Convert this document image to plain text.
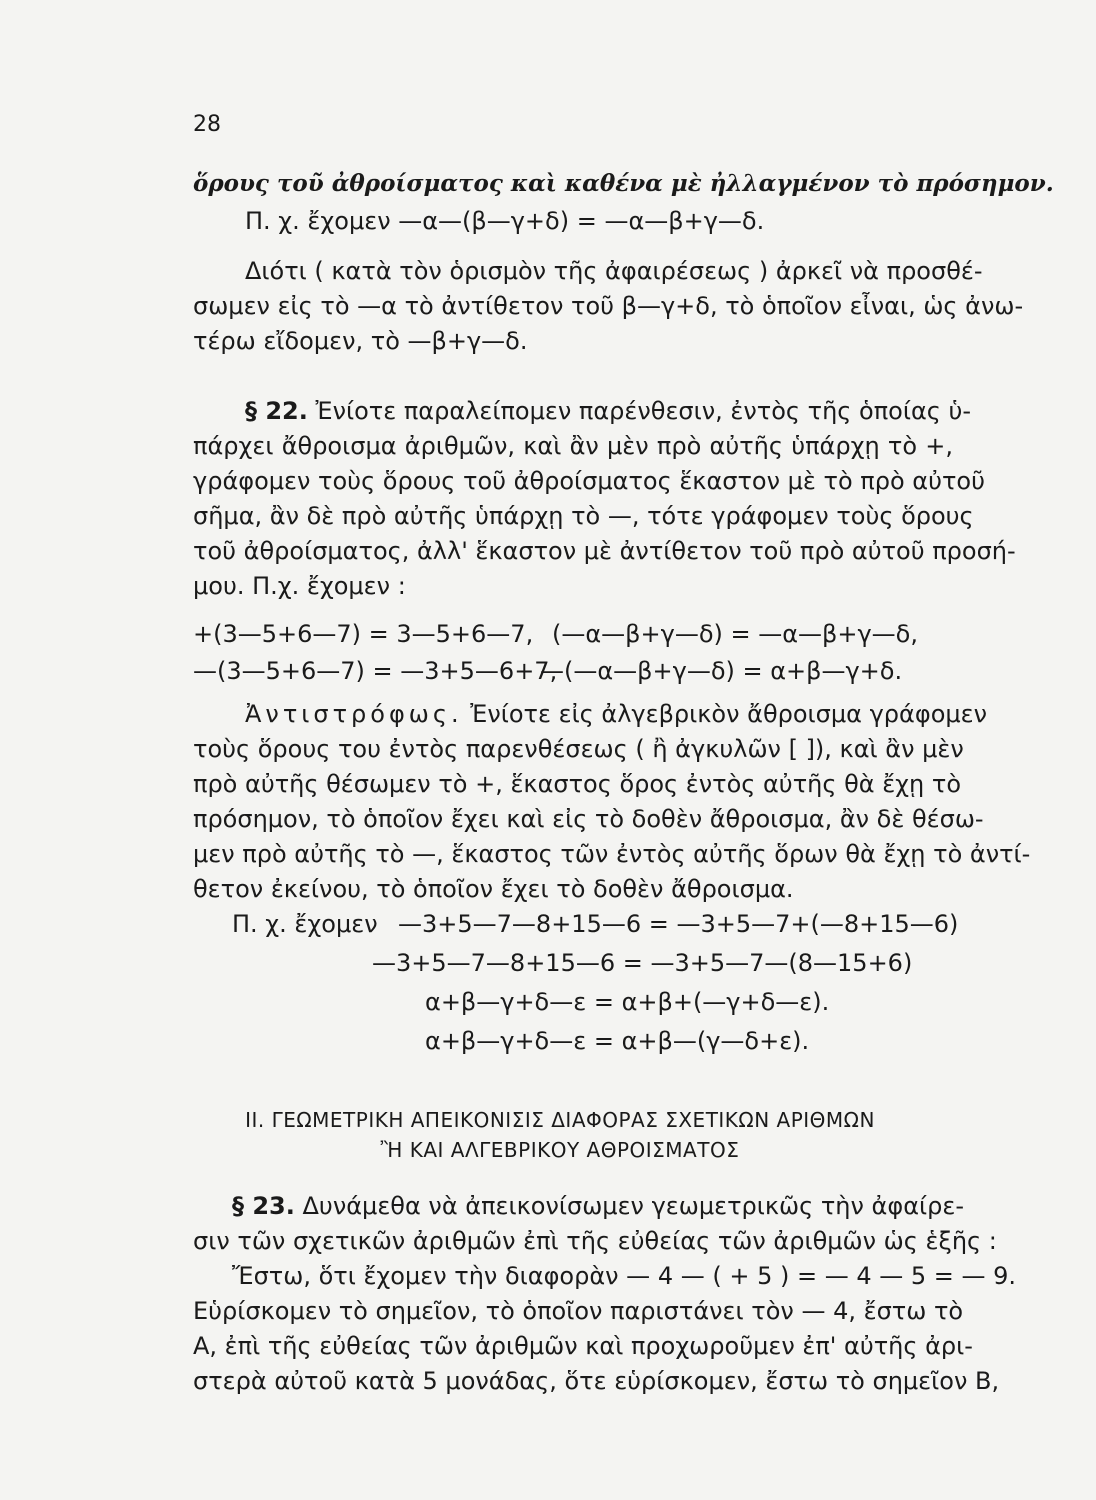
28
ὅρους τοῦ ἀθροίσματος καὶ καθένα μὲ ἠλλαγμένον τὸ πρόσημον.
Π. χ. ἔχομεν —α—(β—γ+δ) = —α—β+γ—δ.
Διότι ( κατὰ τὸν ὁρισμὸν τῆς ἀφαιρέσεως ) ἀρκεῖ νὰ προσθέ-
σωμεν εἰς τὸ —α τὸ ἀντίθετον τοῦ β—γ+δ, τὸ ὁποῖον εἶναι, ὡς ἀνω-
τέρω εἴδομεν, τὸ —β+γ—δ.
§ 22. Ἐνίοτε παραλείπομεν παρένθεσιν, ἐντὸς τῆς ὁποίας ὑ-
πάρχει ἄθροισμα ἀριθμῶν, καὶ ἂν μὲν πρὸ αὐτῆς ὑπάρχῃ τὸ +,
γράφομεν τοὺς ὅρους τοῦ ἀθροίσματος ἕκαστον μὲ τὸ πρὸ αὐτοῦ
σῆμα, ἂν δὲ πρὸ αὐτῆς ὑπάρχῃ τὸ —, τότε γράφομεν τοὺς ὅρους
τοῦ ἀθροίσματος, ἀλλ' ἕκαστον μὲ ἀντίθετον τοῦ πρὸ αὐτοῦ προσή-
μου. Π.χ. ἔχομεν :
+(3—5+6—7) = 3—5+6—7, (—α—β+γ—δ) = —α—β+γ—δ,
—(3—5+6—7) = —3+5—6+7,
—(—α—β+γ—δ) = α+β—γ+δ.
Ἀντιστρόφως. Ἐνίοτε εἰς ἀλγεβρικὸν ἄθροισμα γράφομεν
τοὺς ὅρους του ἐντὸς παρενθέσεως ( ἢ ἀγκυλῶν [ ]), καὶ ἂν μὲν
πρὸ αὐτῆς θέσωμεν τὸ +, ἕκαστος ὅρος ἐντὸς αὐτῆς θὰ ἔχῃ τὸ
πρόσημον, τὸ ὁποῖον ἔχει καὶ εἰς τὸ δοθὲν ἄθροισμα, ἂν δὲ θέσω-
μεν πρὸ αὐτῆς τὸ —, ἕκαστος τῶν ἐντὸς αὐτῆς ὅρων θὰ ἔχῃ τὸ ἀντί-
θετον ἐκείνου, τὸ ὁποῖον ἔχει τὸ δοθὲν ἄθροισμα.
Π. χ. ἔχομεν —3+5—7—8+15—6 = —3+5—7+(—8+15—6)
—3+5—7—8+15—6 = —3+5—7—(8—15+6)
α+β—γ+δ—ε = α+β+(—γ+δ—ε).
α+β—γ+δ—ε = α+β—(γ—δ+ε).
ΙΙ. ΓΕΩΜΕΤΡΙΚΗ ΑΠΕΙΚΟΝΙΣΙΣ ΔΙΑΦΟΡΑΣ ΣΧΕΤΙΚΩΝ ΑΡΙΘΜΩΝ
Ἢ ΚΑΙ ΑΛΓΕΒΡΙΚΟΥ ΑΘΡΟΙΣΜΑΤΟΣ
§ 23. Δυνάμεθα νὰ ἀπεικονίσωμεν γεωμετρικῶς τὴν ἀφαίρε-
σιν τῶν σχετικῶν ἀριθμῶν ἐπὶ τῆς εὐθείας τῶν ἀριθμῶν ὡς ἑξῆς :
Ἔστω, ὅτι ἔχομεν τὴν διαφορὰν — 4 — ( + 5 ) = — 4 — 5 = — 9.
Εὑρίσκομεν τὸ σημεῖον, τὸ ὁποῖον παριστάνει τὸν — 4, ἔστω τὸ
Α, ἐπὶ τῆς εὐθείας τῶν ἀριθμῶν καὶ προχωροῦμεν ἐπ' αὐτῆς ἀρι-
στερὰ αὐτοῦ κατὰ 5 μονάδας, ὅτε εὑρίσκομεν, ἔστω τὸ σημεῖον Β,
